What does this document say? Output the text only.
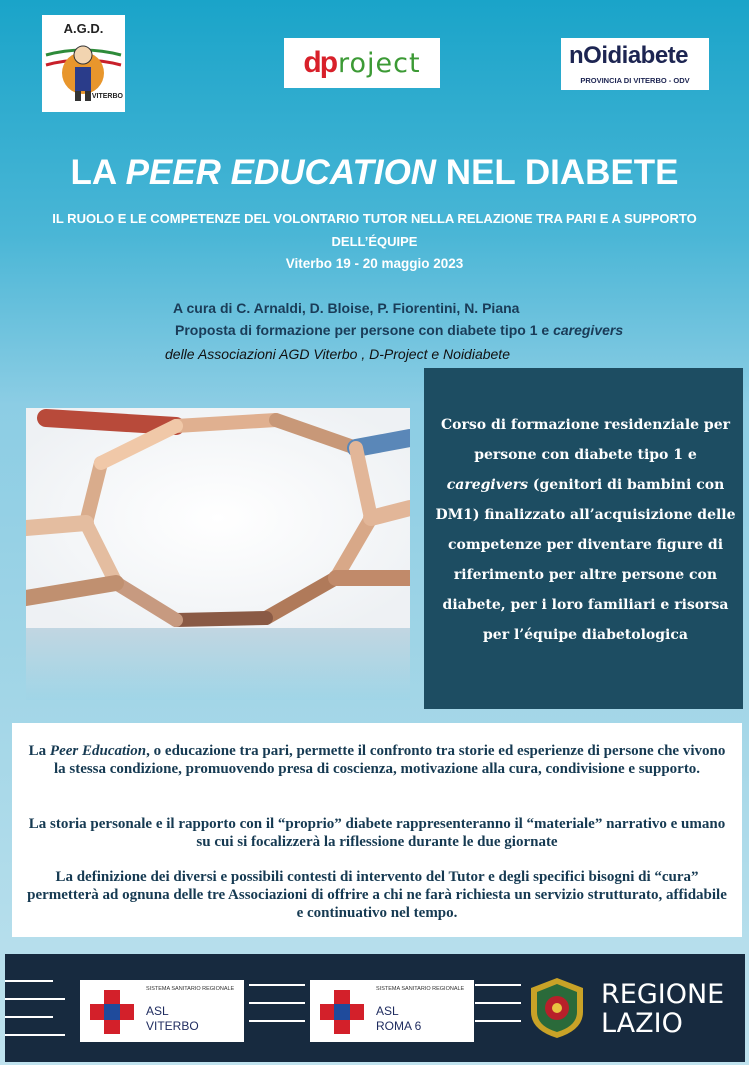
A.G.D.
VITERBO
dp roject	nOidiabete
PROVINCIA DI VITERBO - ODV
LA PEER EDUCATION NEL DIABETE
IL RUOLO E LE COMPETENZE DEL VOLONTARIO TUTOR NELLA RELAZIONE TRA PARI E A SUPPORTO DELL’ÉQUIPE
Viterbo 19 - 20 maggio 2023
A cura di C. Arnaldi, D. Bloise, P. Fiorentini, N. Piana
Proposta di formazione per persone con diabete tipo 1 e caregivers
delle Associazioni AGD Viterbo , D-Project e Noidiabete
Corso di formazione residenziale per persone con diabete tipo 1 e caregivers (genitori di bambini con DM1) finalizzato all’acquisizione delle competenze per diventare figure di riferimento per altre persone con diabete, per i loro familiari e risorsa per l’équipe diabetologica
La Peer Education, o educazione tra pari, permette il confronto tra storie ed esperienze di persone che vivono la stessa condizione, promuovendo presa di coscienza, motivazione alla cura, condivisione e supporto.
La storia personale e il rapporto con il “proprio” diabete rappresenteranno il “materiale” narrativo e umano su cui si focalizzerà la riflessione durante le due giornate
La definizione dei diversi e possibili contesti di intervento del Tutor e degli specifici bisogni di “cura” permetterà ad ognuna delle tre Associazioni di offrire a chi ne farà richiesta un servizio strutturato, affidabile e continuativo nel tempo.
SISTEMA SANITARIO REGIONALE
ASL
VITERBO
SISTEMA SANITARIO REGIONALE
ASL
ROMA 6
REGIONE
LAZIO
